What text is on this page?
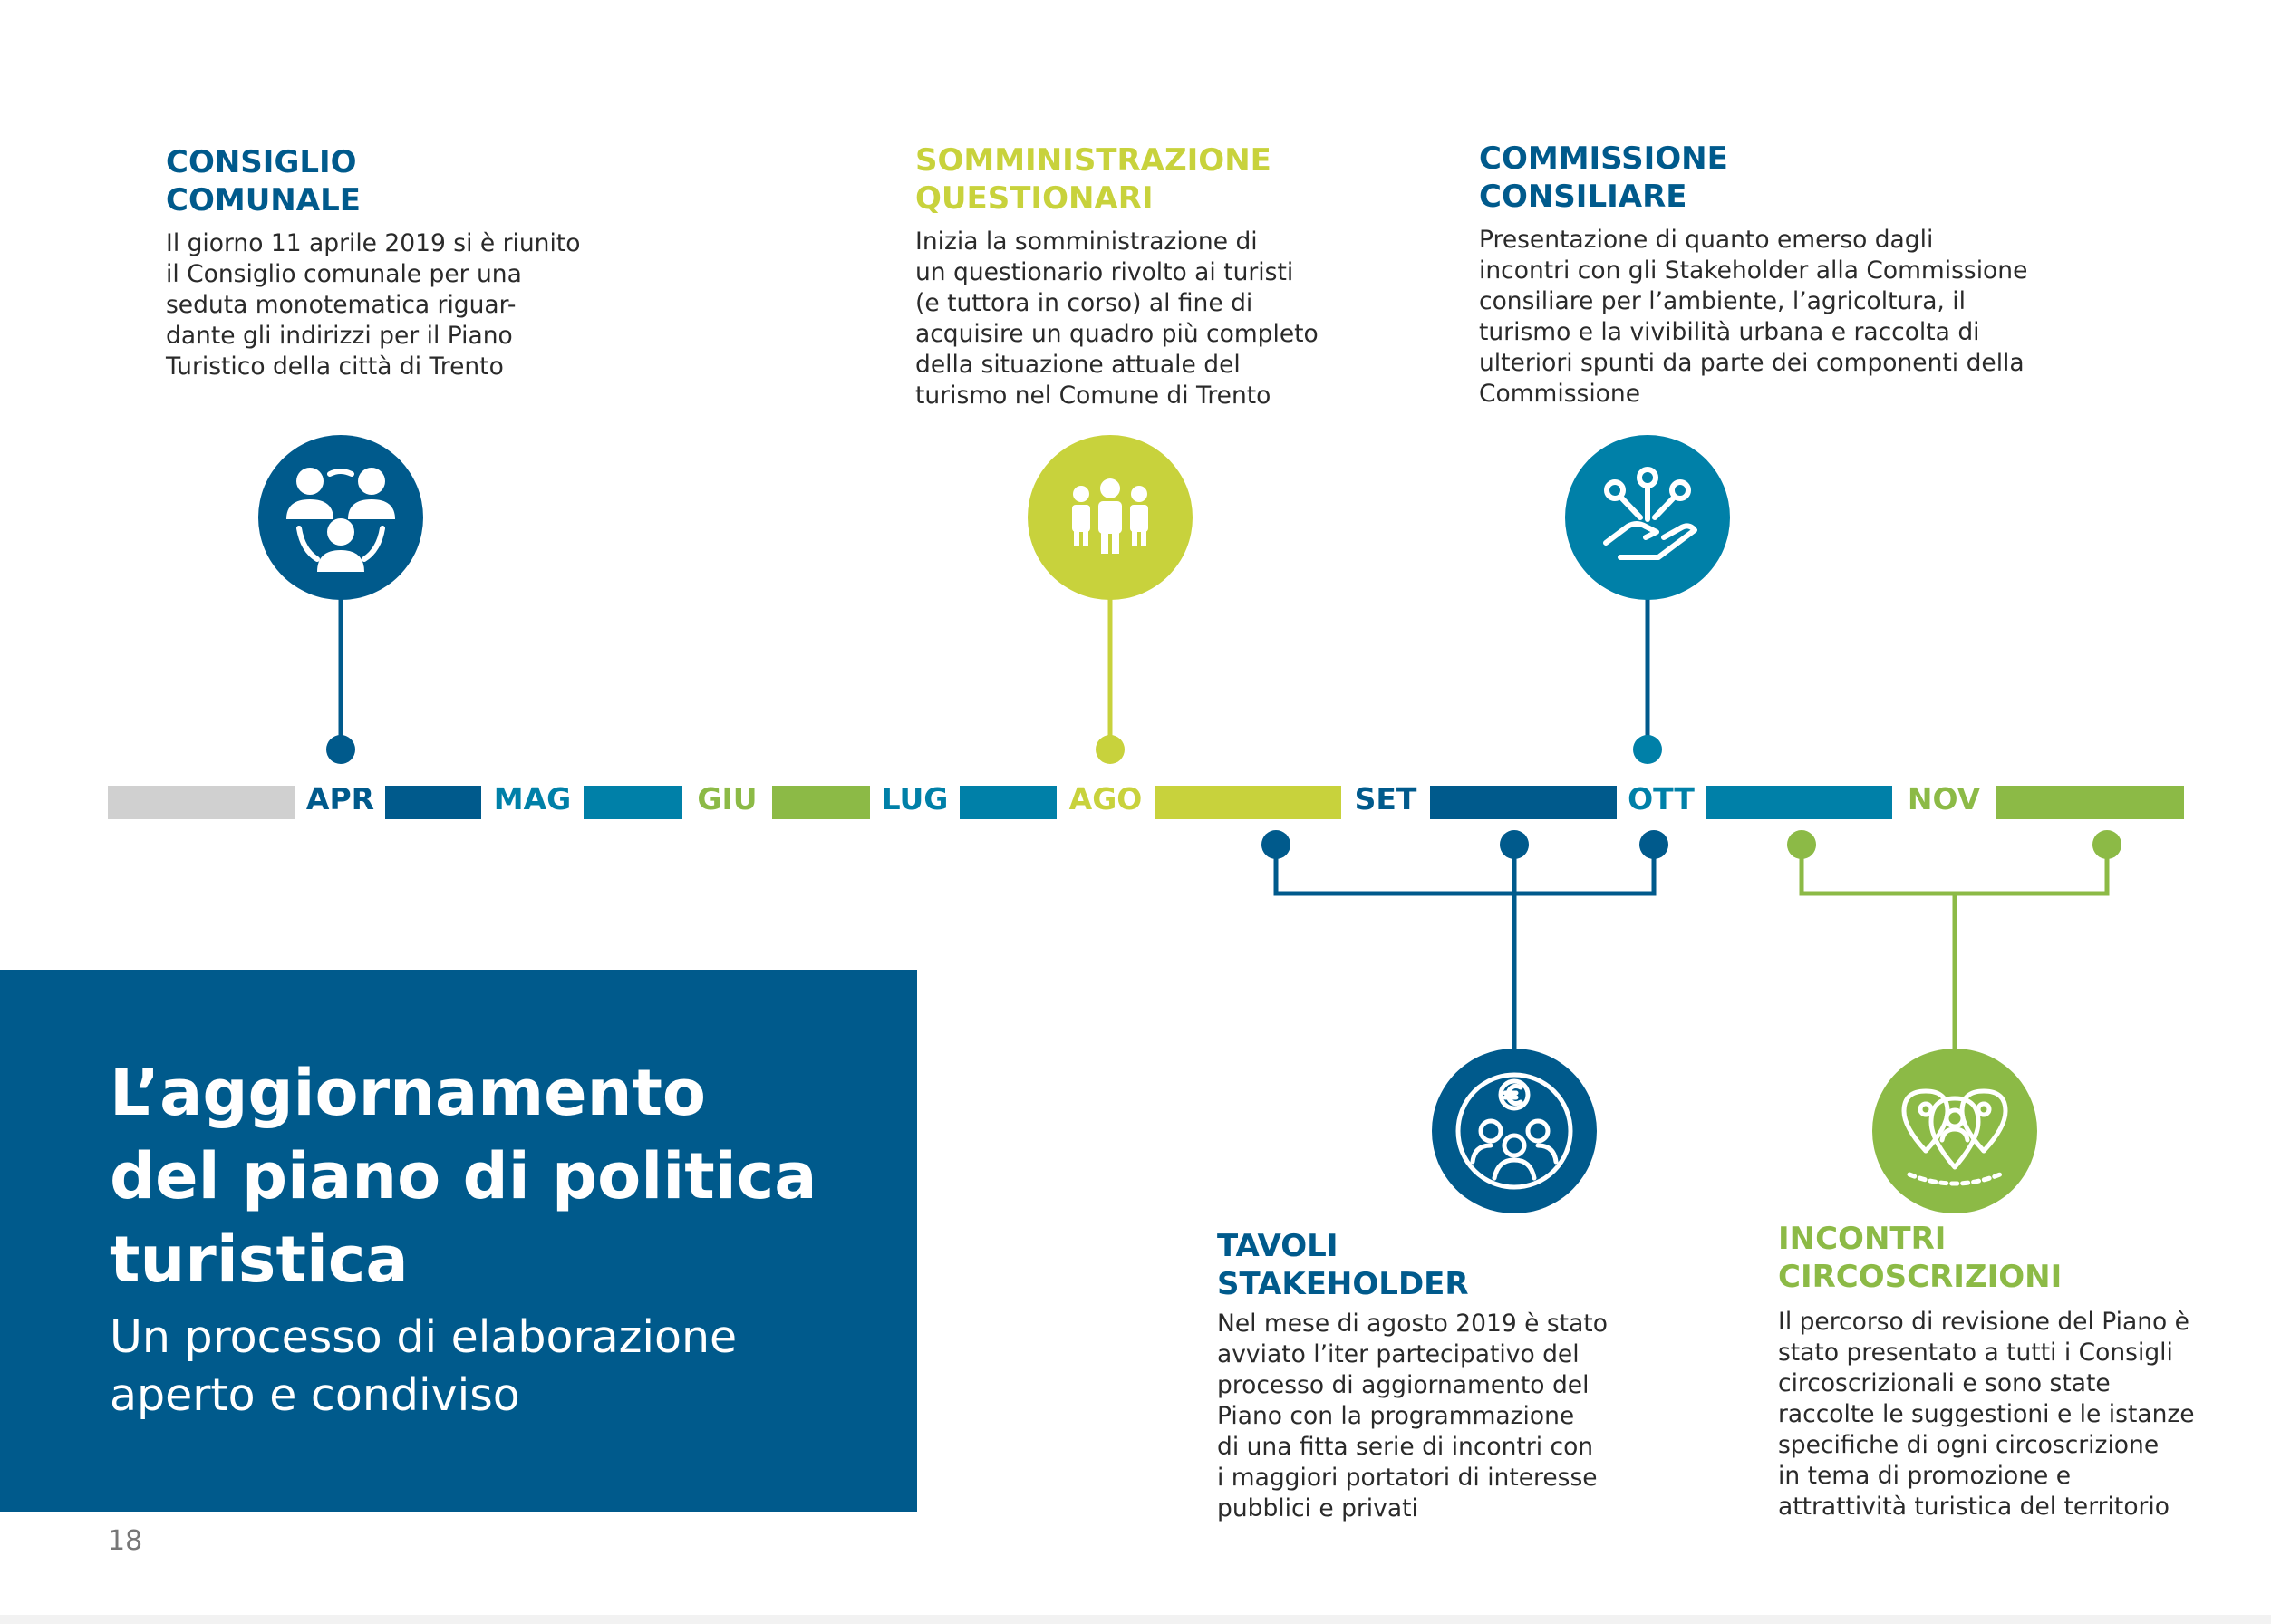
CONSIGLIO
COMUNALE

Il giorno 11 aprile 2019 si è riunito
il Consiglio comunale per una
seduta monotematica riguar-
dante gli indirizzi per il Piano
Turistico della città di Trento

SOMMINISTRAZIONE
QUESTIONARI

Inizia la somministrazione di
un questionario rivolto ai turisti
(e tuttora in corso) al fine di
acquisire un quadro più completo
della situazione attuale del
turismo nel Comune di Trento

COMMISSIONE
CONSILIARE

Presentazione di quanto emerso dagli
incontri con gli Stakeholder alla Commissione
consiliare per l’ambiente, l’agricoltura, il
turismo e la vivibilità urbana e raccolta di
ulteriori spunti da parte dei componenti della
Commissione

APR	MAG	GIU	LUG	AGO	SET	OTT	NOV

TAVOLI
STAKEHOLDER

Nel mese di agosto 2019 è stato
avviato l’iter partecipativo del
processo di aggiornamento del
Piano con la programmazione
di una fitta serie di incontri con
i maggiori portatori di interesse
pubblici e privati

INCONTRI
CIRCOSCRIZIONI

Il percorso di revisione del Piano è
stato presentato a tutti i Consigli
circoscrizionali e sono state
raccolte le suggestioni e le istanze
specifiche di ogni circoscrizione
in tema di promozione e
attrattività turistica del territorio

L’aggiornamento
del piano di politica
turistica

Un processo di elaborazione
aperto e condiviso

18
